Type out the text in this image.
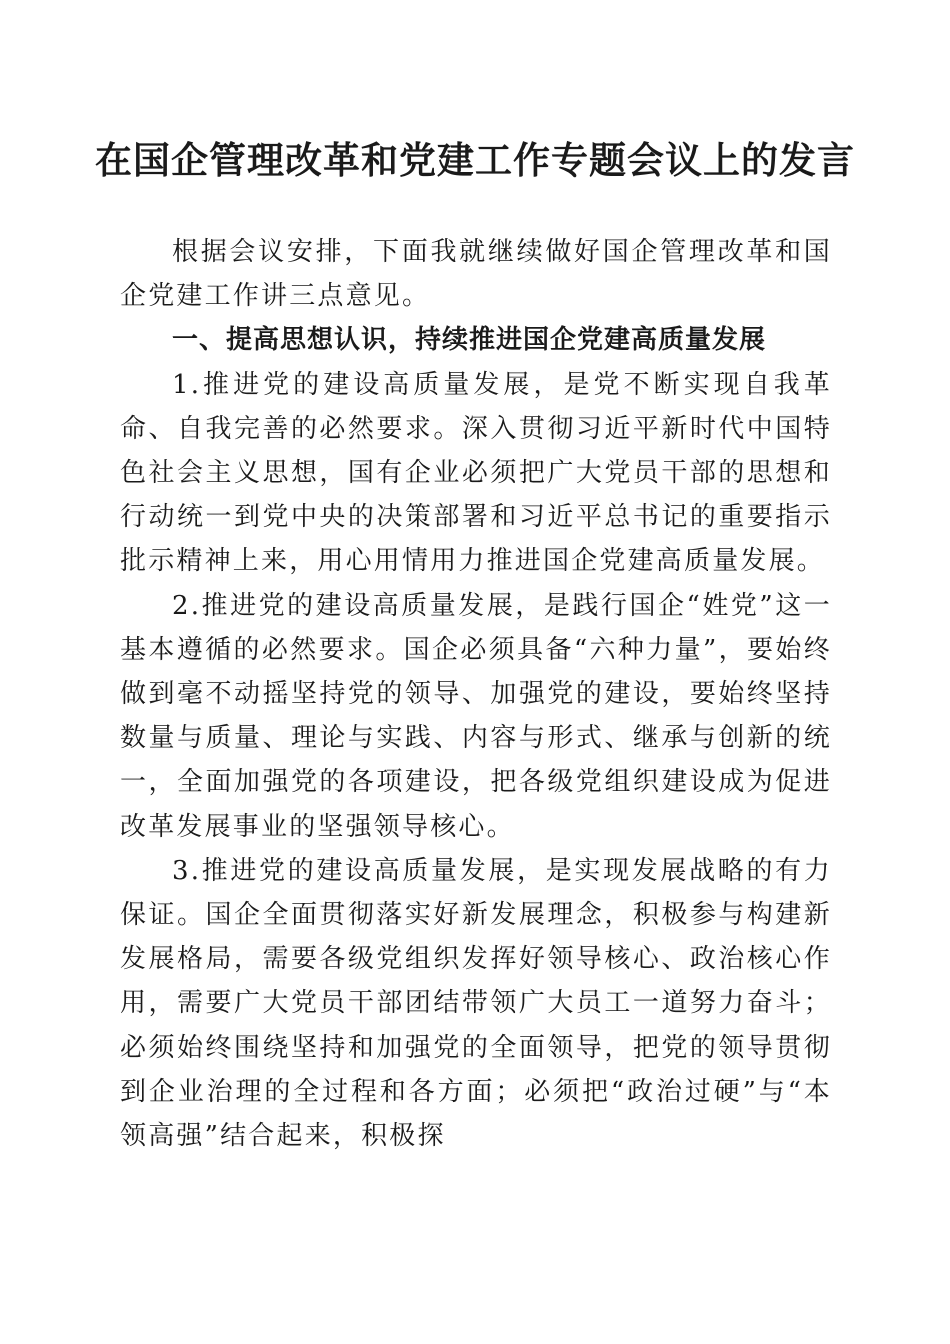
在国企管理改革和党建工作专题会议上的发言

根据会议安排，下面我就继续做好国企管理改革和国企党建工作讲三点意见。

一、提高思想认识，持续推进国企党建高质量发展

1.推进党的建设高质量发展，是党不断实现自我革命、自我完善的必然要求。深入贯彻习近平新时代中国特色社会主义思想，国有企业必须把广大党员干部的思想和行动统一到党中央的决策部署和习近平总书记的重要指示批示精神上来，用心用情用力推进国企党建高质量发展。

2.推进党的建设高质量发展，是践行国企“姓党”这一基本遵循的必然要求。国企必须具备“六种力量”，要始终做到毫不动摇坚持党的领导、加强党的建设，要始终坚持数量与质量、理论与实践、内容与形式、继承与创新的统一，全面加强党的各项建设，把各级党组织建设成为促进改革发展事业的坚强领导核心。

3.推进党的建设高质量发展，是实现发展战略的有力保证。国企全面贯彻落实好新发展理念，积极参与构建新发展格局，需要各级党组织发挥好领导核心、政治核心作用，需要广大党员干部团结带领广大员工一道努力奋斗；必须始终围绕坚持和加强党的全面领导，把党的领导贯彻到企业治理的全过程和各方面；必须把“政治过硬”与“本领高强”结合起来，积极探
